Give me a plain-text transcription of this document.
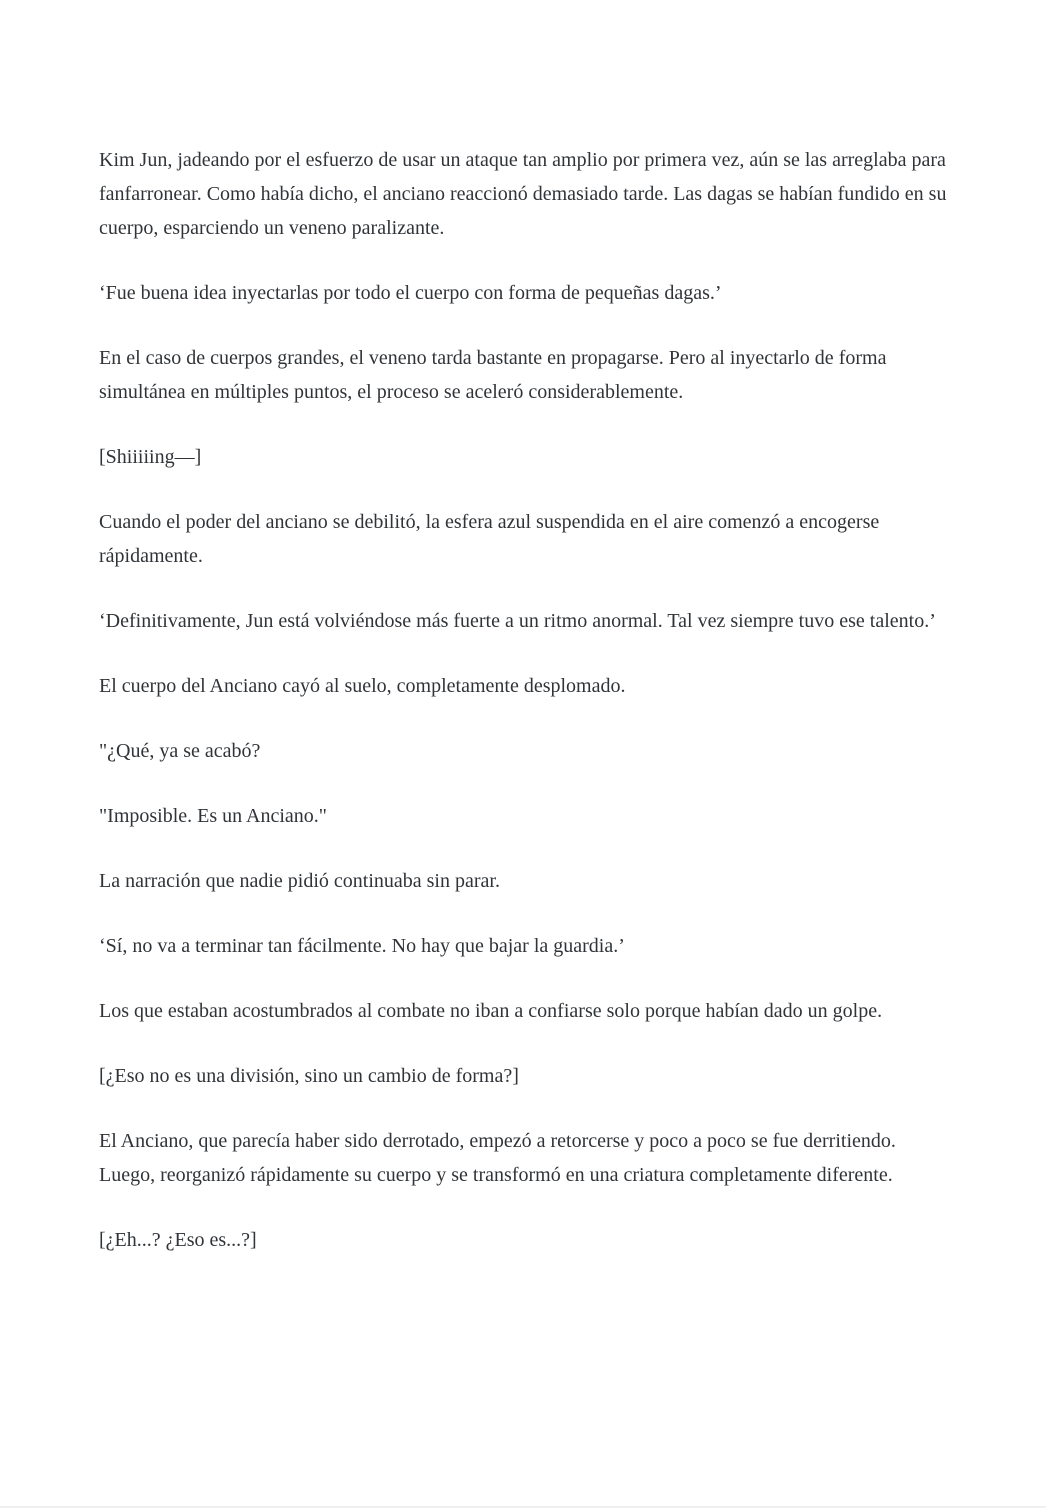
Kim Jun, jadeando por el esfuerzo de usar un ataque tan amplio por primera vez, aún se las arreglaba para fanfarronear. Como había dicho, el anciano reaccionó demasiado tarde. Las dagas se habían fundido en su cuerpo, esparciendo un veneno paralizante.

‘Fue buena idea inyectarlas por todo el cuerpo con forma de pequeñas dagas.’

En el caso de cuerpos grandes, el veneno tarda bastante en propagarse. Pero al inyectarlo de forma simultánea en múltiples puntos, el proceso se aceleró considerablemente.

[Shiiiiing—]

Cuando el poder del anciano se debilitó, la esfera azul suspendida en el aire comenzó a encogerse rápidamente.

‘Definitivamente, Jun está volviéndose más fuerte a un ritmo anormal. Tal vez siempre tuvo ese talento.’

El cuerpo del Anciano cayó al suelo, completamente desplomado.

"¿Qué, ya se acabó?

"Imposible. Es un Anciano."

La narración que nadie pidió continuaba sin parar.

‘Sí, no va a terminar tan fácilmente. No hay que bajar la guardia.’

Los que estaban acostumbrados al combate no iban a confiarse solo porque habían dado un golpe.

[¿Eso no es una división, sino un cambio de forma?]

El Anciano, que parecía haber sido derrotado, empezó a retorcerse y poco a poco se fue derritiendo. Luego, reorganizó rápidamente su cuerpo y se transformó en una criatura completamente diferente.

[¿Eh...? ¿Eso es...?]
